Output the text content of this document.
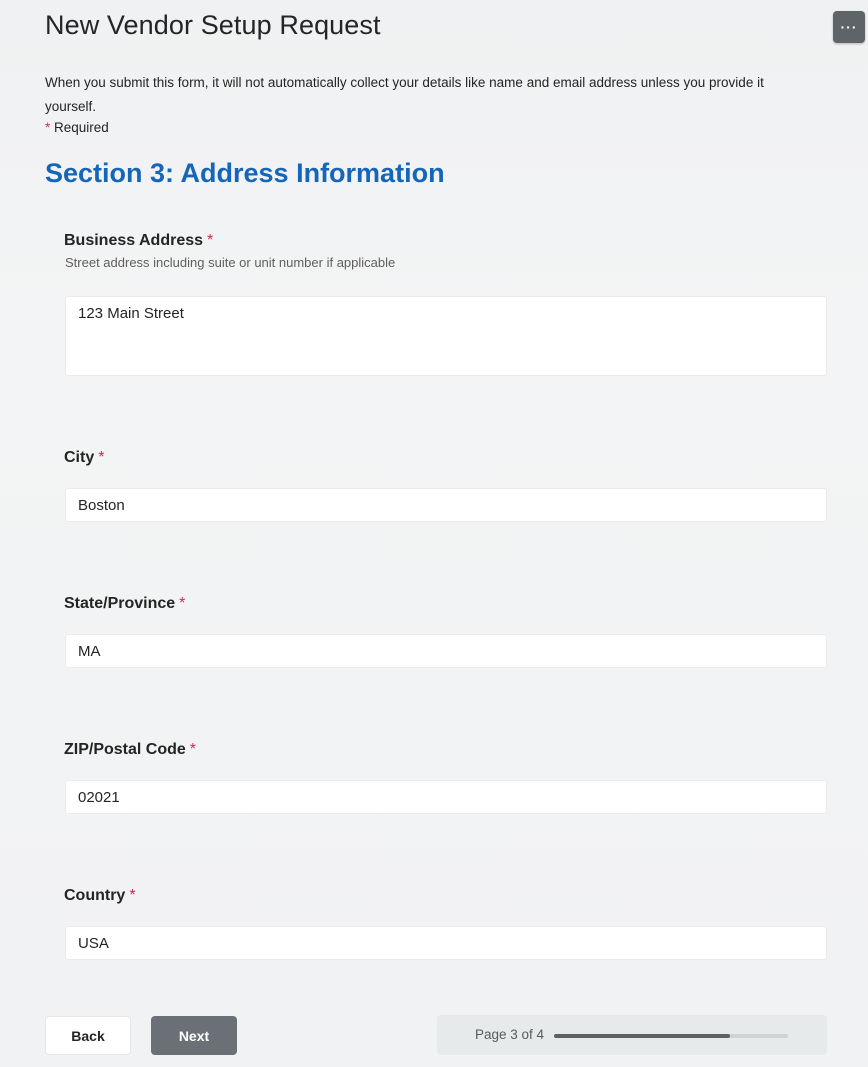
New Vendor Setup Request	···
When you submit this form, it will not automatically collect your details like name and email address unless you provide it yourself.
* Required
Section 3: Address Information
Business Address *
Street address including suite or unit number if applicable
123 Main Street
City *
Boston
State/Province *
MA
ZIP/Postal Code *
02021
Country *
USA
Back	Next	Page 3 of 4
